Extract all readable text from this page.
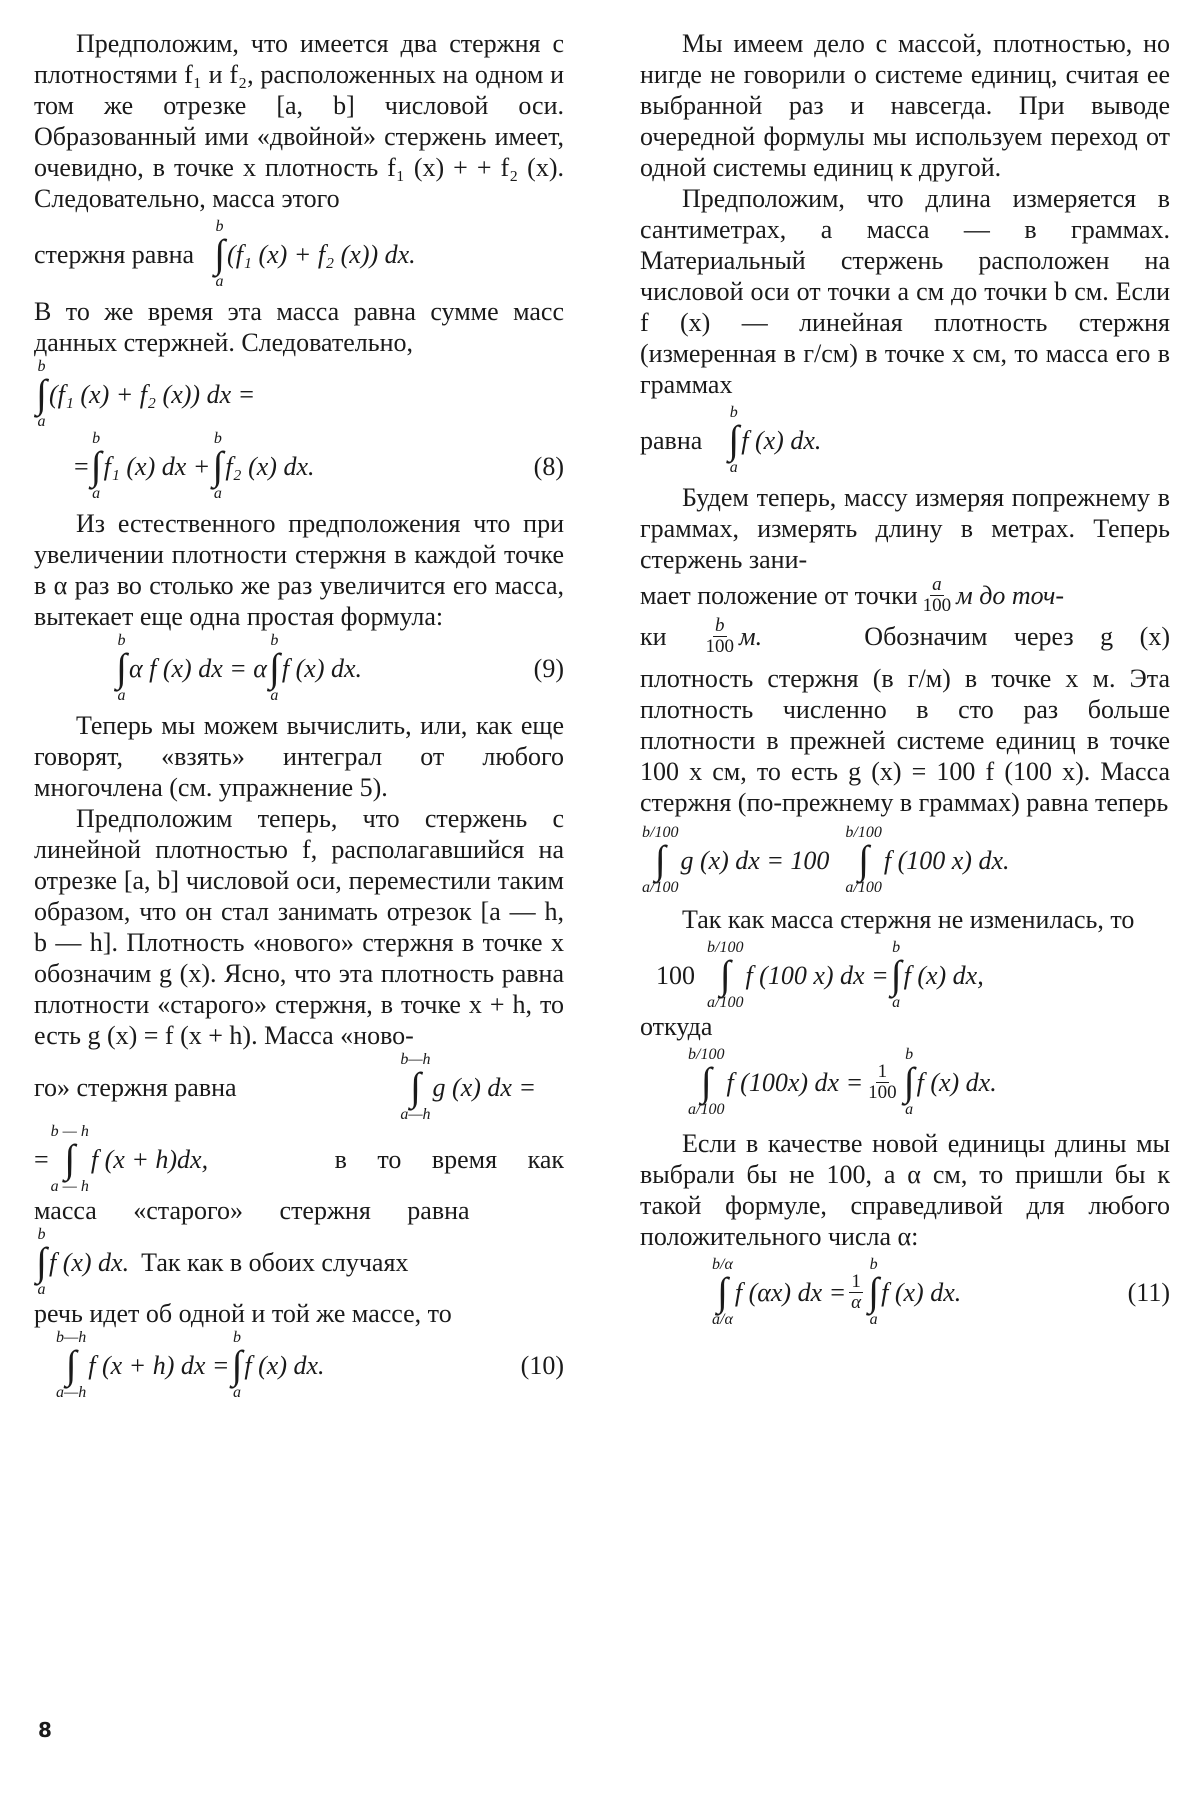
Предположим, что имеется два стержня с плотностями f₁ и f₂, расположенных на одном и том же отрезке [a, b] числовой оси. Образованный ими «двойной» стержень имеет, очевидно, в точке x плотность f₁ (x) + + f₂ (x). Следовательно, масса этого

стержня равна
b
∫
a
(f₁ (x) + f₂ (x)) dx.

В то же время эта масса равна сумме масс данных стержней. Следовательно,

b
∫
a
(f₁ (x) + f₂ (x)) dx =
=
b
∫
a
f₁ (x) dx +
b
∫
a
f₂ (x) dx.	(8)

Из естественного предположения что при увеличении плотности стержня в каждой точке в α раз во столько же раз увеличится его масса, вытекает еще одна простая формула:

b
∫
a
α f (x) dx = α
b
∫
a
f (x) dx.	(9)

Теперь мы можем вычислить, или, как еще говорят, «взять» интеграл от любого многочлена (см. упражнение 5).

Предположим теперь, что стержень с линейной плотностью f, располагавшийся на отрезке [a, b] числовой оси, переместили таким образом, что он стал занимать отрезок [a — h, b — h]. Плотность «нового» стержня в точке x обозначим g (x). Ясно, что эта плотность равна плотности «старого» стержня, в точке x + h, то есть g (x) = f (x + h). Масса «ново-

го» стержня равна
b—h
∫
a—h
g (x) dx =
=
b — h
∫
a — h
f (x + h)dx,	в то время как
масса «старого» стержня равна
b
∫
a
f (x) dx. Так как в обоих случаях

речь идет об одной и той же массе, то

b—h
∫
a—h
f (x + h) dx =
b
∫
a
f (x) dx.	(10)

Мы имеем дело с массой, плотностью, но нигде не говорили о системе единиц, считая ее выбранной раз и навсегда. При выводе очередной формулы мы используем переход от одной системы единиц к другой.

Предположим, что длина измеряется в сантиметрах, а масса — в граммах. Материальный стержень расположен на числовой оси от точки a см до точки b см. Если f (x) — линейная плотность стержня (измеренная в г/см) в точке x см, то масса его в граммах

равна
b
∫
a
f (x) dx.

Будем теперь, массу измеряя попрежнему в граммах, измерять длину в метрах. Теперь стержень зани-

мает положение от точки $\frac{a}{100}$ м до точ-
ки $\frac{b}{100} м$.	Обозначим через g (x)

плотность стержня (в г/м) в точке x м. Эта плотность численно в сто раз больше плотности в прежней системе единиц в точке 100 x см, то есть g (x) = 100 f (100 x). Масса стержня (по-прежнему в граммах) равна теперь

b/100
∫
a/100
g (x) dx = 100
b/100
∫
a/100
f (100 x) dx.

Так как масса стержня не изменилась, то

100
b/100
∫
a/100
f (100 x) dx =
b
∫
a
f (x) dx,

откуда

b/100
∫
a/100
f (100x) dx = $\frac{1}{100}$
b
∫
a
f (x) dx.

Если в качестве новой единицы длины мы выбрали бы не 100, а α см, то пришли бы к такой формуле, справедливой для любого положительного числа α:

b/α
∫
a/α
f (αx) dx = $\frac{1}{\alpha}$
b
∫
a
f (x) dx.	(11)
8
